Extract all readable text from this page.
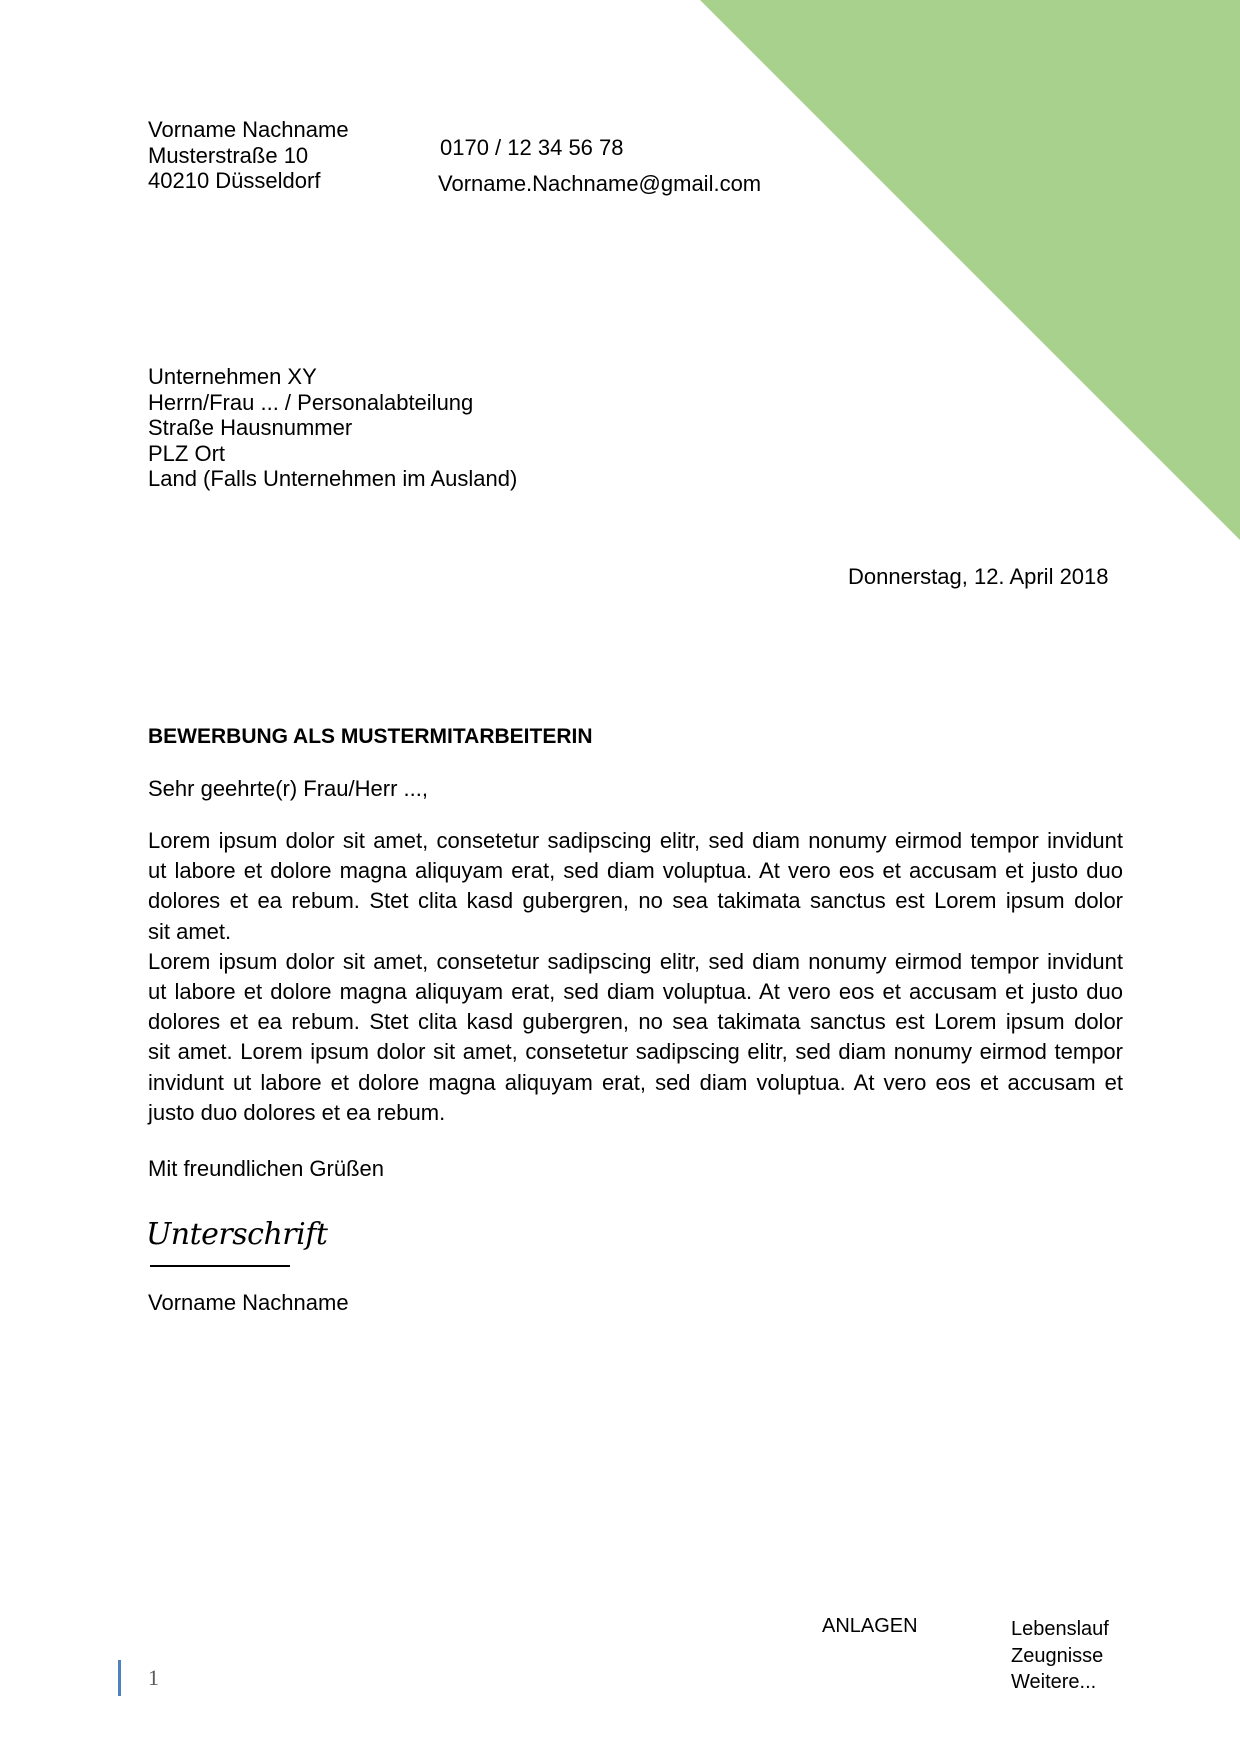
Vorname Nachname
Musterstraße 10
40210 Düsseldorf
0170 / 12 34 56 78
Vorname.Nachname@gmail.com
Unternehmen XY
Herrn/Frau ... / Personalabteilung
Straße Hausnummer
PLZ Ort
Land (Falls Unternehmen im Ausland)
Donnerstag, 12. April 2018
BEWERBUNG ALS MUSTERMITARBEITERIN
Sehr geehrte(r) Frau/Herr ...,
Lorem ipsum dolor sit amet, consetetur sadipscing elitr, sed diam nonumy eirmod tempor invidunt
ut labore et dolore magna aliquyam erat, sed diam voluptua. At vero eos et accusam et justo duo
dolores et ea rebum. Stet clita kasd gubergren, no sea takimata sanctus est Lorem ipsum dolor
sit amet.
Lorem ipsum dolor sit amet, consetetur sadipscing elitr, sed diam nonumy eirmod tempor invidunt
ut labore et dolore magna aliquyam erat, sed diam voluptua. At vero eos et accusam et justo duo
dolores et ea rebum. Stet clita kasd gubergren, no sea takimata sanctus est Lorem ipsum dolor
sit amet. Lorem ipsum dolor sit amet, consetetur sadipscing elitr, sed diam nonumy eirmod tempor
invidunt ut labore et dolore magna aliquyam erat, sed diam voluptua. At vero eos et accusam et
justo duo dolores et ea rebum.
Mit freundlichen Grüßen
Unterschrift
Vorname Nachname
ANLAGEN	Lebenslauf
Zeugnisse
Weitere...
1
